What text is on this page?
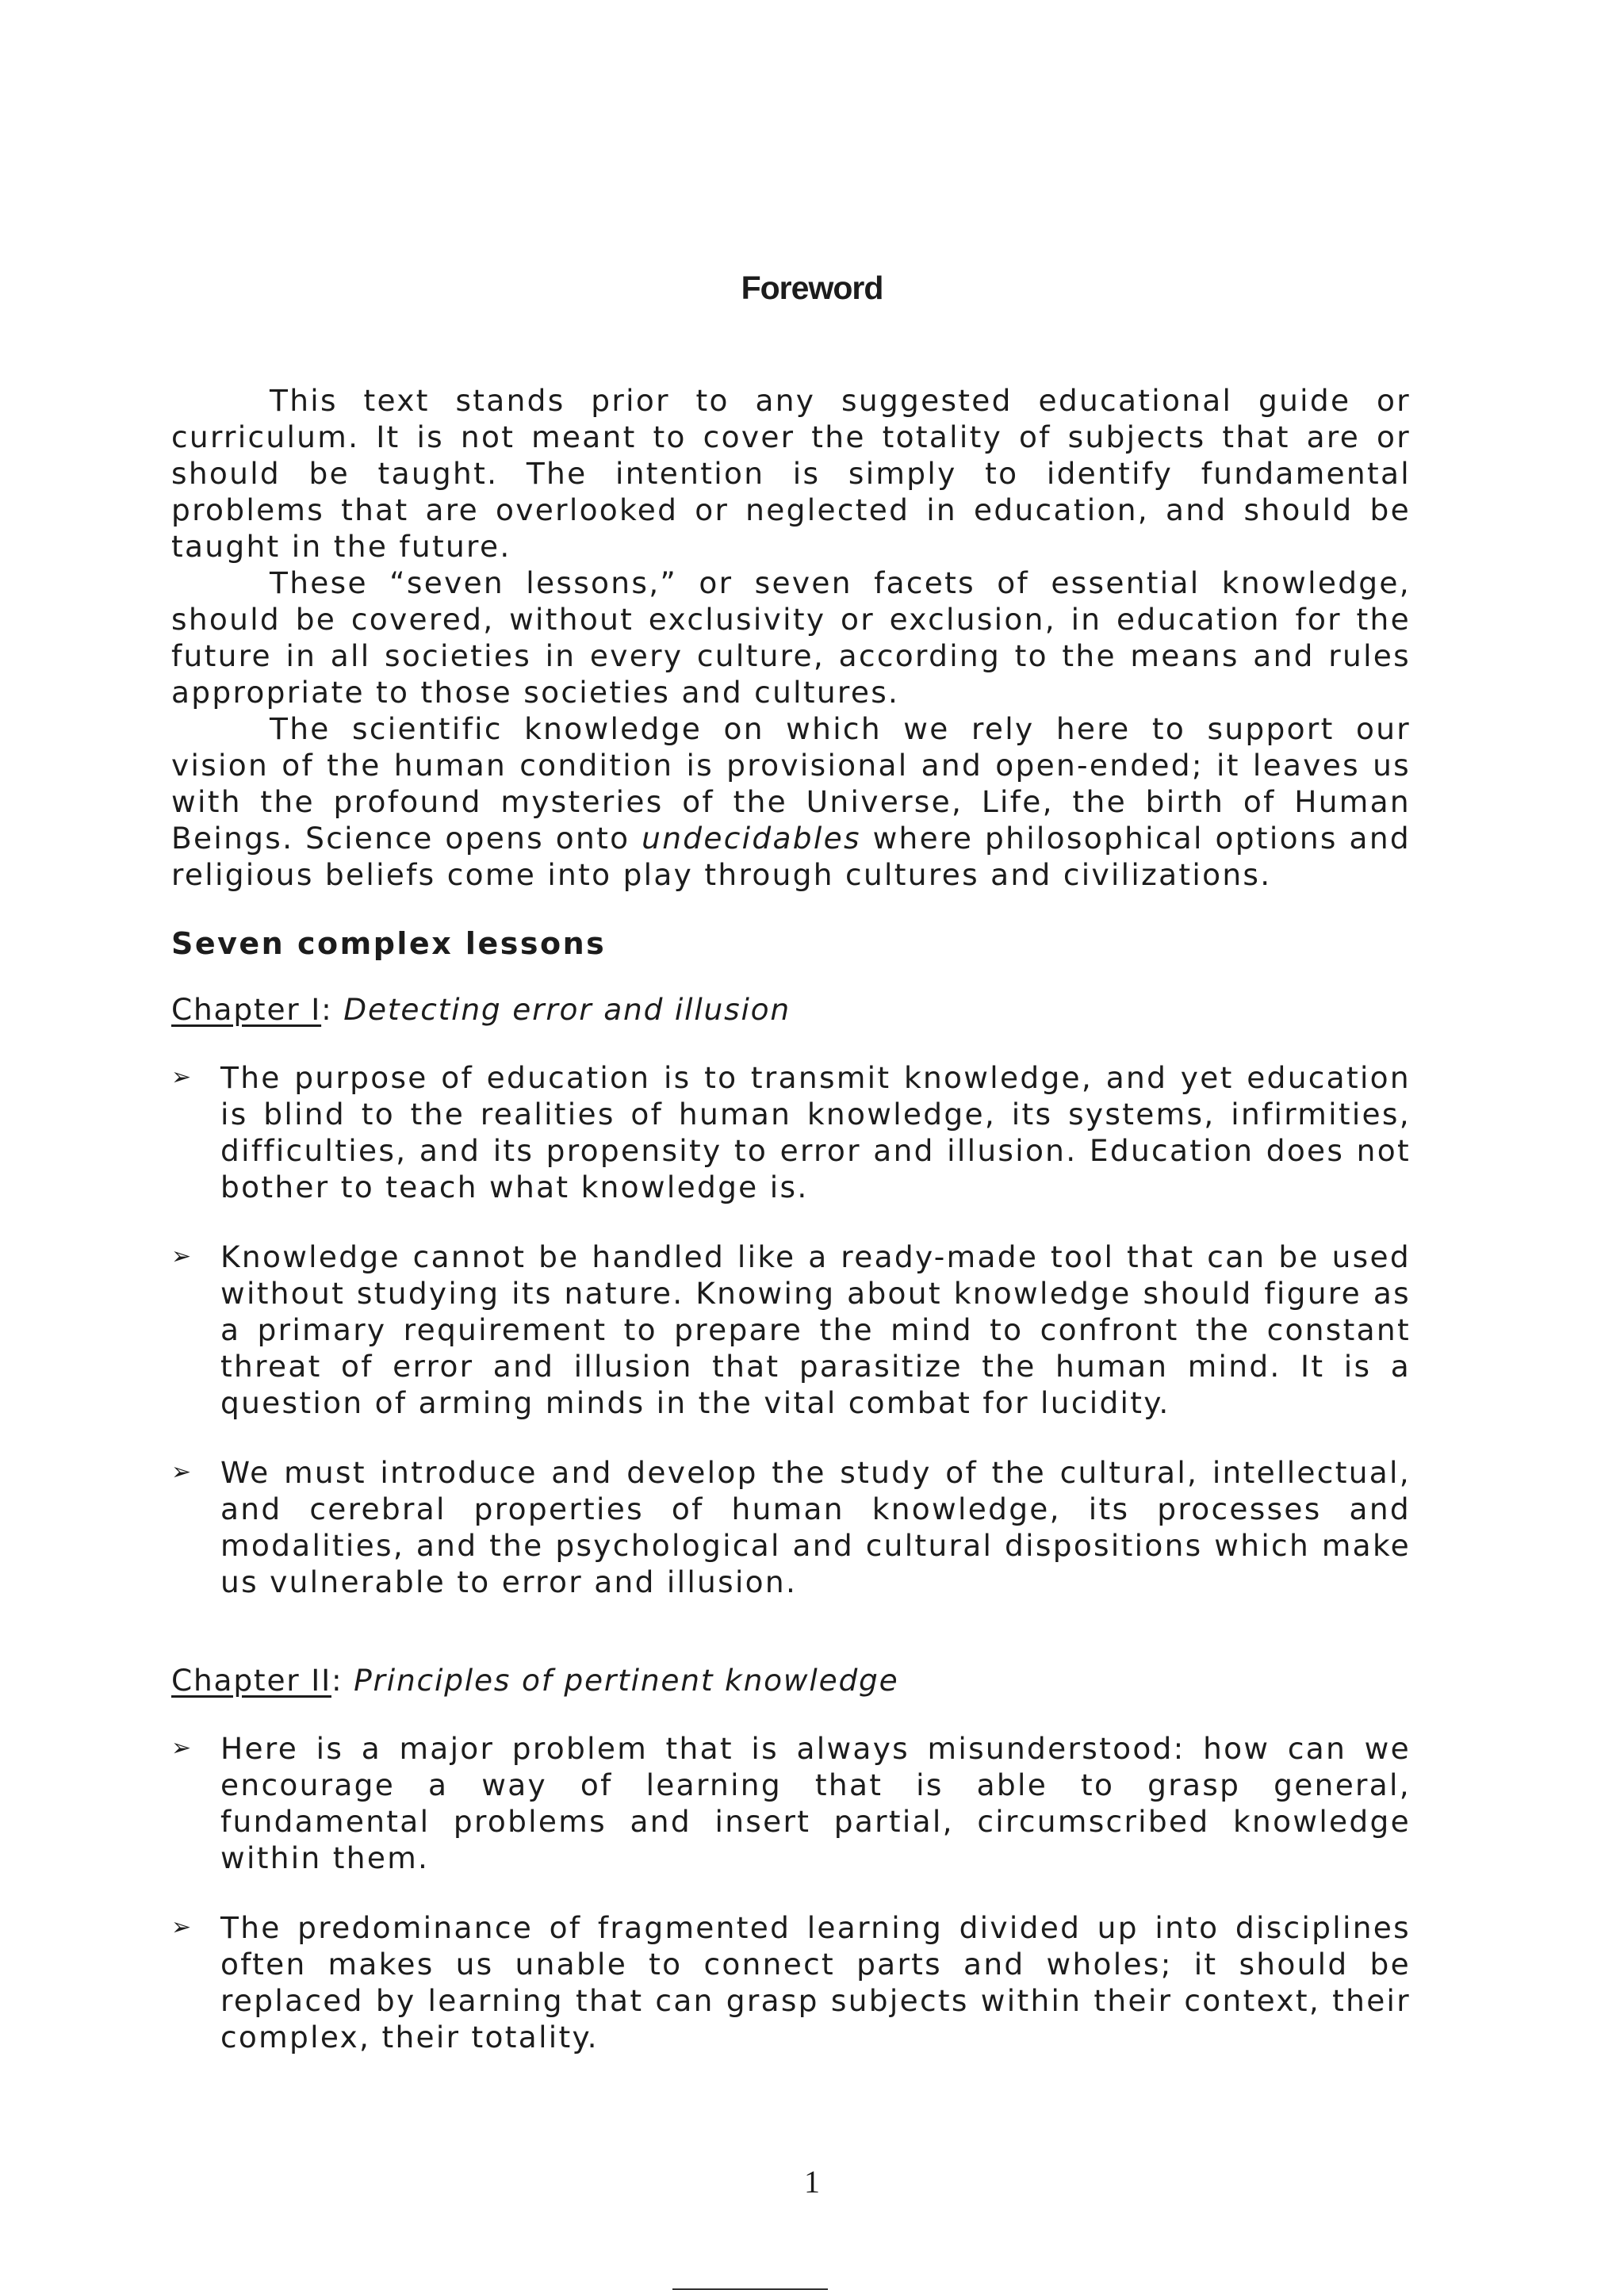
Foreword

This text stands prior to any suggested educational guide or curriculum. It is not meant to cover the totality of subjects that are or should be taught. The intention is simply to identify fundamental problems that are overlooked or neglected in education, and should be taught in the future.

These “seven lessons,” or seven facets of essential knowledge, should be covered, without exclusivity or exclusion, in education for the future in all societies in every culture, according to the means and rules appropriate to those societies and cultures.

The scientific knowledge on which we rely here to support our vision of the human condition is provisional and open-ended; it leaves us with the profound mysteries of the Universe, Life, the birth of Human Beings. Science opens onto undecidables where philosophical options and religious beliefs come into play through cultures and civilizations.

Seven complex lessons
Chapter I: Detecting error and illusion
➢ The purpose of education is to transmit knowledge, and yet education is blind to the realities of human knowledge, its systems, infirmities, difficulties, and its propensity to error and illusion. Education does not bother to teach what knowledge is.
➢ Knowledge cannot be handled like a ready-made tool that can be used without studying its nature. Knowing about knowledge should figure as a primary requirement to prepare the mind to confront the constant threat of error and illusion that parasitize the human mind. It is a question of arming minds in the vital combat for lucidity.
➢ We must introduce and develop the study of the cultural, intellectual, and cerebral properties of human knowledge, its processes and modalities, and the psychological and cultural dispositions which make us vulnerable to error and illusion.
Chapter II: Principles of pertinent knowledge
➢ Here is a major problem that is always misunderstood: how can we encourage a way of learning that is able to grasp general, fundamental problems and insert partial, circumscribed knowledge within them.
➢ The predominance of fragmented learning divided up into disciplines often makes us unable to connect parts and wholes; it should be replaced by learning that can grasp subjects within their context, their complex, their totality.
1
